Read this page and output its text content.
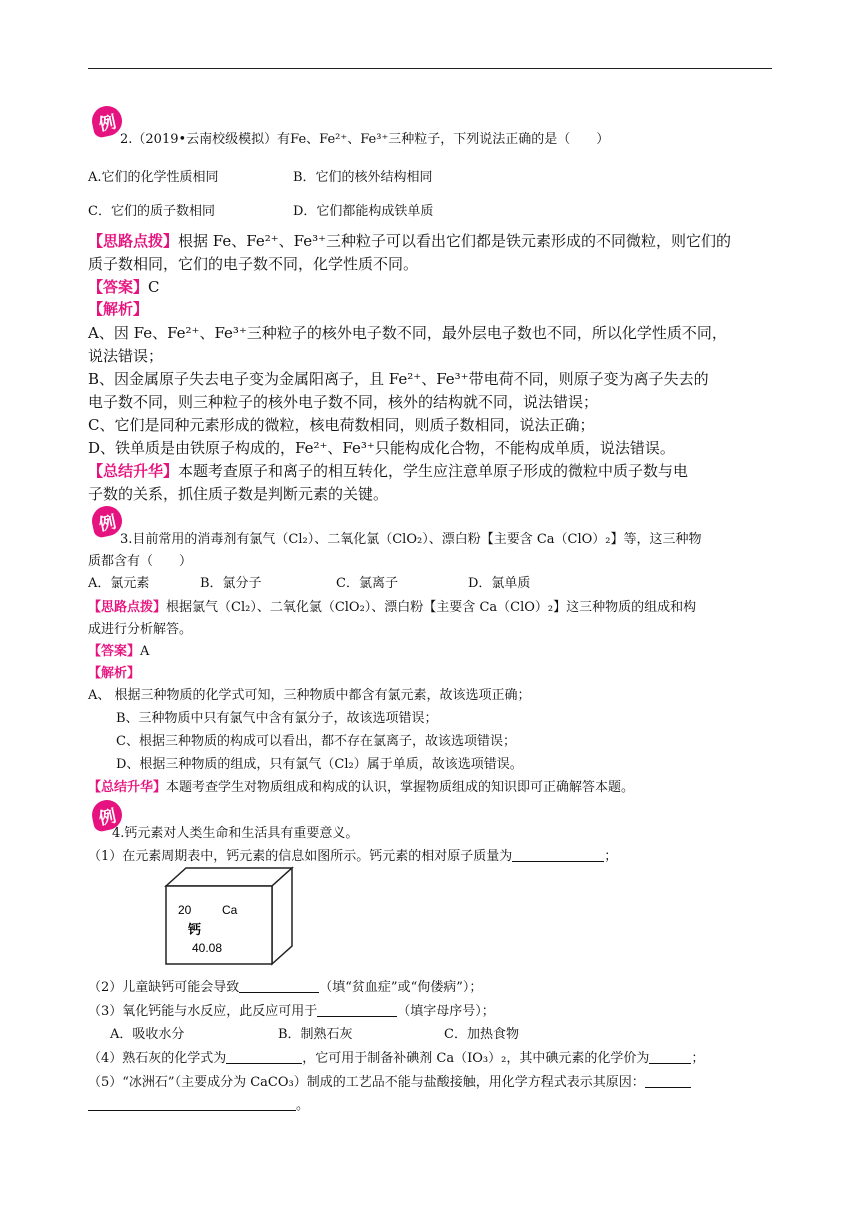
例
2.（2019•云南校级模拟）有Fe、Fe²⁺、Fe³⁺三种粒子，下列说法正确的是（　　）
A.它们的化学性质相同	B．它们的核外结构相同
C．它们的质子数相同	D．它们都能构成铁单质
【思路点拨】根据 Fe、Fe²⁺、Fe³⁺三种粒子可以看出它们都是铁元素形成的不同微粒，则它们的
质子数相同，它们的电子数不同，化学性质不同。
【答案】C
【解析】
A、因 Fe、Fe²⁺、Fe³⁺三种粒子的核外电子数不同，最外层电子数也不同，所以化学性质不同，
说法错误；
B、因金属原子失去电子变为金属阳离子，且 Fe²⁺、Fe³⁺带电荷不同，则原子变为离子失去的
电子数不同，则三种粒子的核外电子数不同，核外的结构就不同，说法错误；
C、它们是同种元素形成的微粒，核电荷数相同，则质子数相同，说法正确；
D、铁单质是由铁原子构成的，Fe²⁺、Fe³⁺只能构成化合物，不能构成单质，说法错误。
【总结升华】本题考查原子和离子的相互转化，学生应注意单原子形成的微粒中质子数与电
子数的关系，抓住质子数是判断元素的关键。
例
3.目前常用的消毒剂有氯气（Cl₂）、二氧化氯（ClO₂）、漂白粉【主要含 Ca（ClO）₂】等，这三种物
质都含有（　　）
A．氯元素	B．氯分子	C．氯离子	D．氯单质
【思路点拨】根据氯气（Cl₂）、二氧化氯（ClO₂）、漂白粉【主要含 Ca（ClO）₂】这三种物质的组成和构
成进行分析解答。
【答案】A
【解析】
A、 根据三种物质的化学式可知，三种物质中都含有氯元素，故该选项正确；
B、三种物质中只有氯气中含有氯分子，故该选项错误；
C、根据三种物质的构成可以看出，都不存在氯离子，故该选项错误；
D、根据三种物质的组成，只有氯气（Cl₂）属于单质，故该选项错误。
【总结升华】本题考查学生对物质组成和构成的认识，掌握物质组成的知识即可正确解答本题。
例
4.钙元素对人类生命和生活具有重要意义。
（1）在元素周期表中，钙元素的信息如图所示。钙元素的相对原子质量为	；
20	Ca
钙
40.08
（2）儿童缺钙可能会导致	（填“贫血症”或“佝偻病”）；
（3）氧化钙能与水反应，此反应可用于	（填字母序号）；
A．吸收水分	B．制熟石灰	C．加热食物
（4）熟石灰的化学式为	，它可用于制备补碘剂 Ca（IO₃）₂，其中碘元素的化学价为	；
（5）“冰洲石”（主要成分为 CaCO₃）制成的工艺品不能与盐酸接触，用化学方程式表示其原因：
。
